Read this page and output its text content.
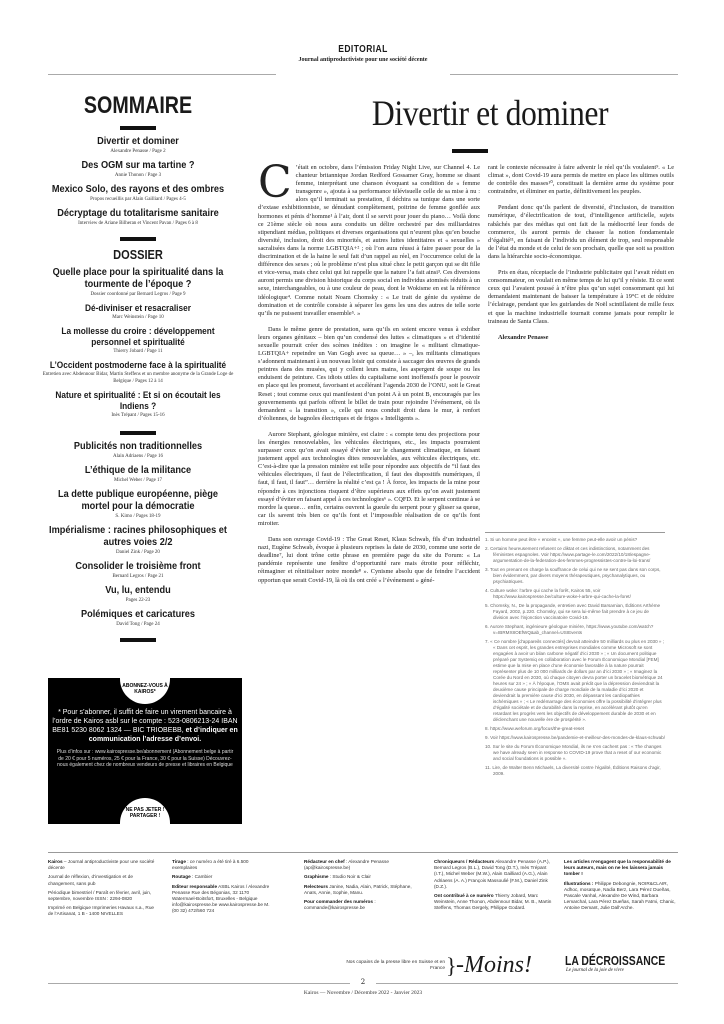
EDITORIAL
Journal antiproductiviste pour une société décente
SOMMAIRE
Divertir et dominer
Alexandre Penasse / Page 2
Des OGM sur ma tartine ?
Annie Thonon / Page 3
Mexico Solo, des rayons et des ombres
Propos recueillis par Alain Gailliard / Pages 4-5
Décryptage du totalitarisme sanitaire
Interview de Ariane Bilheran et Vincent Pavan / Pages 6 à 8
DOSSIER
Quelle place pour la spiritualité dans la tourmente de l’époque ?
Dossier coordonné par Bernard Legros / Page 9
Dé-diviniser et resacraliser
Marc Weinstein / Page 10
La mollesse du croire : développement personnel et spiritualité
Thierry Jobard / Page 11
L’Occident postmoderne face à la spiritualité
Entretien avec Abdennour Bidar, Martin Steffens et un membre anonyme de la Grande Loge de Belgique / Pages 12 à 14
Nature et spiritualité : Et si on écoutait les Indiens ?
Inès Trépant / Pages 15-16
Publicités non traditionnelles
Alain Adriaens / Page 16
L’éthique de la militance
Michel Weber / Page 17
La dette publique européenne, piège mortel pour la démocratie
S. Kimo / Pages 18-19
Impérialisme : racines philosophiques et autres voies 2/2
Daniel Zink / Page 20
Consolider le troisième front
Bernard Legros / Page 21
Vu, lu, entendu
Pages 22-23
Polémiques et caricatures
David Tong / Page 24
ABONNEZ-VOUS À KAIROS*
* Pour s’abonner, il suffit de faire un virement bancaire à l’ordre de Kairos asbl sur le compte : 523-0806213-24 IBAN BE81 5230 8062 1324 — BIC TRIOBEBB, et d’indiquer en communication l’adresse d’envoi.
Plus d’infos sur : www.kairospresse.be/abonnement (Abonnement belge à partir de 20 € pour 5 numéros, 25 € pour la France, 30 € pour la Suisse) Découvrez-nous également chez de nombreux vendeurs de presse et libraires en Belgique
NE PAS JETER ! PARTAGER !
Divertir et dominer

C ’était en octobre, dans l’émission Friday Night Live, sur Channel 4. Le chanteur britannique Jordan Redford Gossamer Gray, homme se disant femme, interprétant une chanson évoquant sa condition de « femme transgenre », ajouta à sa performance télévisuelle celle de sa mise à nu : alors qu’il terminait sa prestation, il déchira sa tunique dans une sorte d’extase exhibitionniste, se dénudant complètement, poitrine de femme gonflée aux hormones et pénis d’homme¹ à l’air, dont il se servit pour jouer du piano… Voilà donc ce 21ème siècle où nous aura conduits un délire orchestré par des milliardaires stipendiant médias, politiques et diverses organisations qui n’eurent plus qu’en bouche diversité, inclusion, droit des minorités, et autres luttes identitaires et « sexuelles » sacralisées dans la norme LGBTQIA+² ; où l’on aura réussi à faire passer pour de la discrimination et de la haine le seul fait d’un rappel au réel, en l’occurrence celui de la différence des sexes ; où le problème n’est plus situé chez le petit garçon qui se dit fille et vice-versa, mais chez celui qui lui rappelle que la nature l’a fait ainsi³. Ces diversions auront permis une division historique du corps social en individus atomisés réduits à un sexe, interchangeables, ou à une couleur de peau, dont le Wokisme en est la référence idéologique⁴. Comme notait Noam Chomsky : « Le trait de génie du système de domination et de contrôle consiste à séparer les gens les uns des autres de telle sorte qu’ils ne puissent travailler ensemble⁵. »

Dans le même genre de prestation, sans qu’ils en soient encore venus à exhiber leurs organes génitaux – bien qu’un condensé des luttes « climatiques » et d’identité sexuelle pourrait créer des scènes inédites : on imagine le « militant climatique-LGBTQIA+ repeindre un Van Gogh avec sa queue… » –, les militants climatiques s’adonnent maintenant à un nouveau loisir qui consiste à saccager des œuvres de grands peintres dans des musées, qui y collent leurs mains, les aspergent de soupe ou les enduisent de peinture. Ces idiots utiles du capitalisme sont inoffensifs pour le pouvoir en place qui les promeut, favorisant et accélérant l’agenda 2030 de l’ONU, soit le Great Reset ; tout comme ceux qui manifestent d’un point A à un point B, encouragés par les gouvernements qui parfois offrent le billet de train pour rejoindre l’événement, où ils demandent « la transition », celle qui nous conduit droit dans le mur, à renfort d’éoliennes, de bagnoles électriques et de frigos « Intelligents ».

Aurore Stephant, géologue minière, est claire : « compte tenu des projections pour les énergies renouvelables, les véhicules électriques, etc., les impacts pourraient surpasser ceux qu’on avait essayé d’éviter sur le changement climatique, en faisant justement appel aux technologies dites renouvelables, aux véhicules électriques, etc. C’est-à-dire que la pression minière est telle pour répondre aux objectifs de “il faut des véhicules électriques, il faut de l’électrification, il faut des dispositifs numériques, il faut, il faut, il faut”… derrière la réalité c’est ça ! À force, les impacts de la mine pour répondre à ces injonctions risquent d’être supérieurs aux effets qu’on avait justement essayé d’éviter en faisant appel à ces technologies⁶ ». CQFD. Et le serpent continue à se mordre la queue… enfin, certains ouvrent la gueule du serpent pour y glisser sa queue, car ils savent très bien ce qu’ils font et l’impossible réalisation de ce qu’ils font miroiter.

Dans son ouvrage Covid-19 : The Great Reset, Klaus Schwab, fils d’un industriel nazi, Eugène Schwab, évoque à plusieurs reprises la date de 2030, comme une sorte de deadline⁷, lui dont trône cette phrase en première page du site du Forum: « La pandémie représente une fenêtre d’opportunité rare mais étroite pour réfléchir, réimaginer et réinitialiser notre monde⁸ ». Cynisme absolu que de feindre l’accident opportun que serait Covid-19, là où ils ont créé « l’événement » géné-

rant le contexte nécessaire à faire advenir le réel qu’ils voulaient⁹. « Le climat », dont Covid-19 aura permis de mettre en place les ultimes outils de contrôle des masses¹⁰, constituait la dernière arme du système pour contraindre, et éliminer en partie, définitivement les peuples.

Pendant donc qu’ils parlent de diversité, d’inclusion, de transition numérique, d’électrification de tout, d’intelligence artificielle, sujets rabâchés par des médias qui ont fait de la médiocrité leur fonds de commerce, ils auront permis de chasser la notion fondamentale d’égalité¹¹, en faisant de l’individu un élément de trop, seul responsable de l’état du monde et de celui de son prochain, quelle que soit sa position dans la hiérarchie socio-économique.

Pris en étau, réceptacle de l’industrie publicitaire qui l’avait réduit en consommateur, on voulait en même temps de lui qu’il y résiste. Et ce sont ceux qui l’avaient poussé à n’être plus qu’un sujet consommant qui lui demandaient maintenant de baisser la température à 19°C et de réduire l’éclairage, pendant que les guirlandes de Noël scintillaient de mille feux et que la machine industrielle tournait comme jamais pour remplir le traineau de Santa Claus.

Alexandre Penasse

1. Si un homme peut être « enceint », une femme peut-elle avoir un pénis?
2. Certains heureusement refusent ce diktat et ces indistinctions, notamment des féministes espagnoles. Voir https://www.partage-le.com/2022/10/18/espagne-argumentation-de-la-federation-des-femmes-progressistes-contre-la-loi-trans/
3. Tout en prenant en charge la souffrance de celui qui ne se sent pas dans son corps, bien évidemment, par divers moyens thérapeutiques, psychanalytiques, ou psychiatriques.
4. Culture woke: l’arbre qui cache la forêt, Kairos 55, voir https://www.kairospresse.be/culture-woke-l-arbre-qui-cache-la-foret/
5. Chomsky, N., De la propagande, entretien avec David Barsamian, Éditions Arthème Fayard, 2002, p.220. Chomsky, qui se sera lui-même fait prendre à ce jeu de division avec l’injonction vaccinatoire Covid-19.
6. Aurore Stephant, ingénieure géologue minière, https://www.youtube.com/watch?v=IBRMX8OEfWQ&ab_channel=USIEvents
7. « Ce nombre [d’appareils connectés] devrait atteindre 50 milliards ou plus en 2030 » ; « Dans cet esprit, les grandes entreprises mondiales comme Microsoft se sont engagées à avoir un bilan carbone négatif d’ici 2030 » ; « Un document politique préparé par Systemiq en collaboration avec le Forum Économique Mondial [FEM] estime que la mise en place d’une économie favorable à la nature pourrait représenter plus de 10 000 milliards de dollars par an d’ici 2030 » ; « Imaginez la Corée du Nord en 2030, où chaque citoyen devra porter un bracelet biométrique 24 heures sur 24 » ; « À l’époque, l’OMS avait prédit que la dépression deviendrait la deuxième cause principale de charge mondiale de la maladie d’ici 2020 et deviendrait la première cause d’ici 2030, en dépassant les cardiopathies ischémiques » ; « Le redémarrage des économies offre la possibilité d’intégrer plus d’égalité sociétale et de durabilité dans la reprise, en accélérant plutôt qu’en retardant les progrès vers les objectifs de développement durable de 2030 et en déclenchant une nouvelle ère de prospérité ».
8. https://www.weforum.org/focus/the-great-reset
9. Voir https://www.kairospresse.be/pandemie-et-meilleur-des-mondes-de-klaus-schwab/
10. Sur le site du Forum Économique Mondial, ils ne s’en cachent pas : « The changes we have already seen in response to COVID-19 prove that a reset of our economic and social foundations is possible ».
11. Lire, de Walter Benn Michaels, La diversité contre l’égalité, Éditions Raisons d’agir, 2009.

Kairos – Journal antiproductiviste pour une société décente

Journal de réflexion, d’investigation et de changement, sans pub

Périodique bimestriel / Paraît en février, avril, juin, septembre, novembre ISSN : 2294-0820

Imprimé en Belgique Imprimeries Havaux s.a., Rue de l’Artisanat, 1 B - 1400 NIVELLES

Tirage : ce numéro a été tiré à 6.500 exemplaires

Routage : Cambier

Editeur responsable ASBL Kairos / Alexandre Penasse Rue des Bégonias, 32 1170 Watermael-Boitsfort, Bruxelles - Belgique info@kairospresse.be www.kairospresse.be M. (00 32) 472/560 724

Rédacteur en chef : Alexandre Penasse (ap@kairospresse.be)

Graphisme : Studio Noir & Clair

Relecteurs Janine, Nadia, Alain, Patrick, Stéphane, Anaïs, Annie, Sophie, Manu.

Pour commander des numéros : commande@kairospresse.be

Chroniqueurs / Rédacteurs Alexandre Penasse (A.P.), Bernard Legros (B.L.), David Tong (D.T.), Inès Trépant (I.T.), Michel Weber (M.W.), Alain Gailliard (A.G.), Alain Adriaens (A. A.) François Massoulié (F.M.), Daniel Zink (D.Z.).

Ont contribué à ce numéro Thierry Jobard, Marc Weinstein, Anne Thonon, Abdennour Bidar, M. B., Martin Steffens, Thomas Gergely, Philippe Godard.

Les articles n’engagent que la responsabilité de leurs auteurs, mais on ne les laissera jamais tomber !

Illustrations : Philippe Debongnie, NOIR&CLAIR, Adhoc, mosaïque, Nadia Berz, Lara Pérez Dueñas, Pascale Vanhal, Alexandre De Wind, Barbara Lemarchal, Lara Pérez Dueñas, Sarah Fatmi, Chanic, Antoine Demant, Julie Dall’Arche.

Nos copains de la presse libre en Suisse et en France } -Moins!	LA DÉCROISSANCE
Le journal de la joie de vivre
2
Kairos — Novembre / Décembre 2022 - Janvier 2023
